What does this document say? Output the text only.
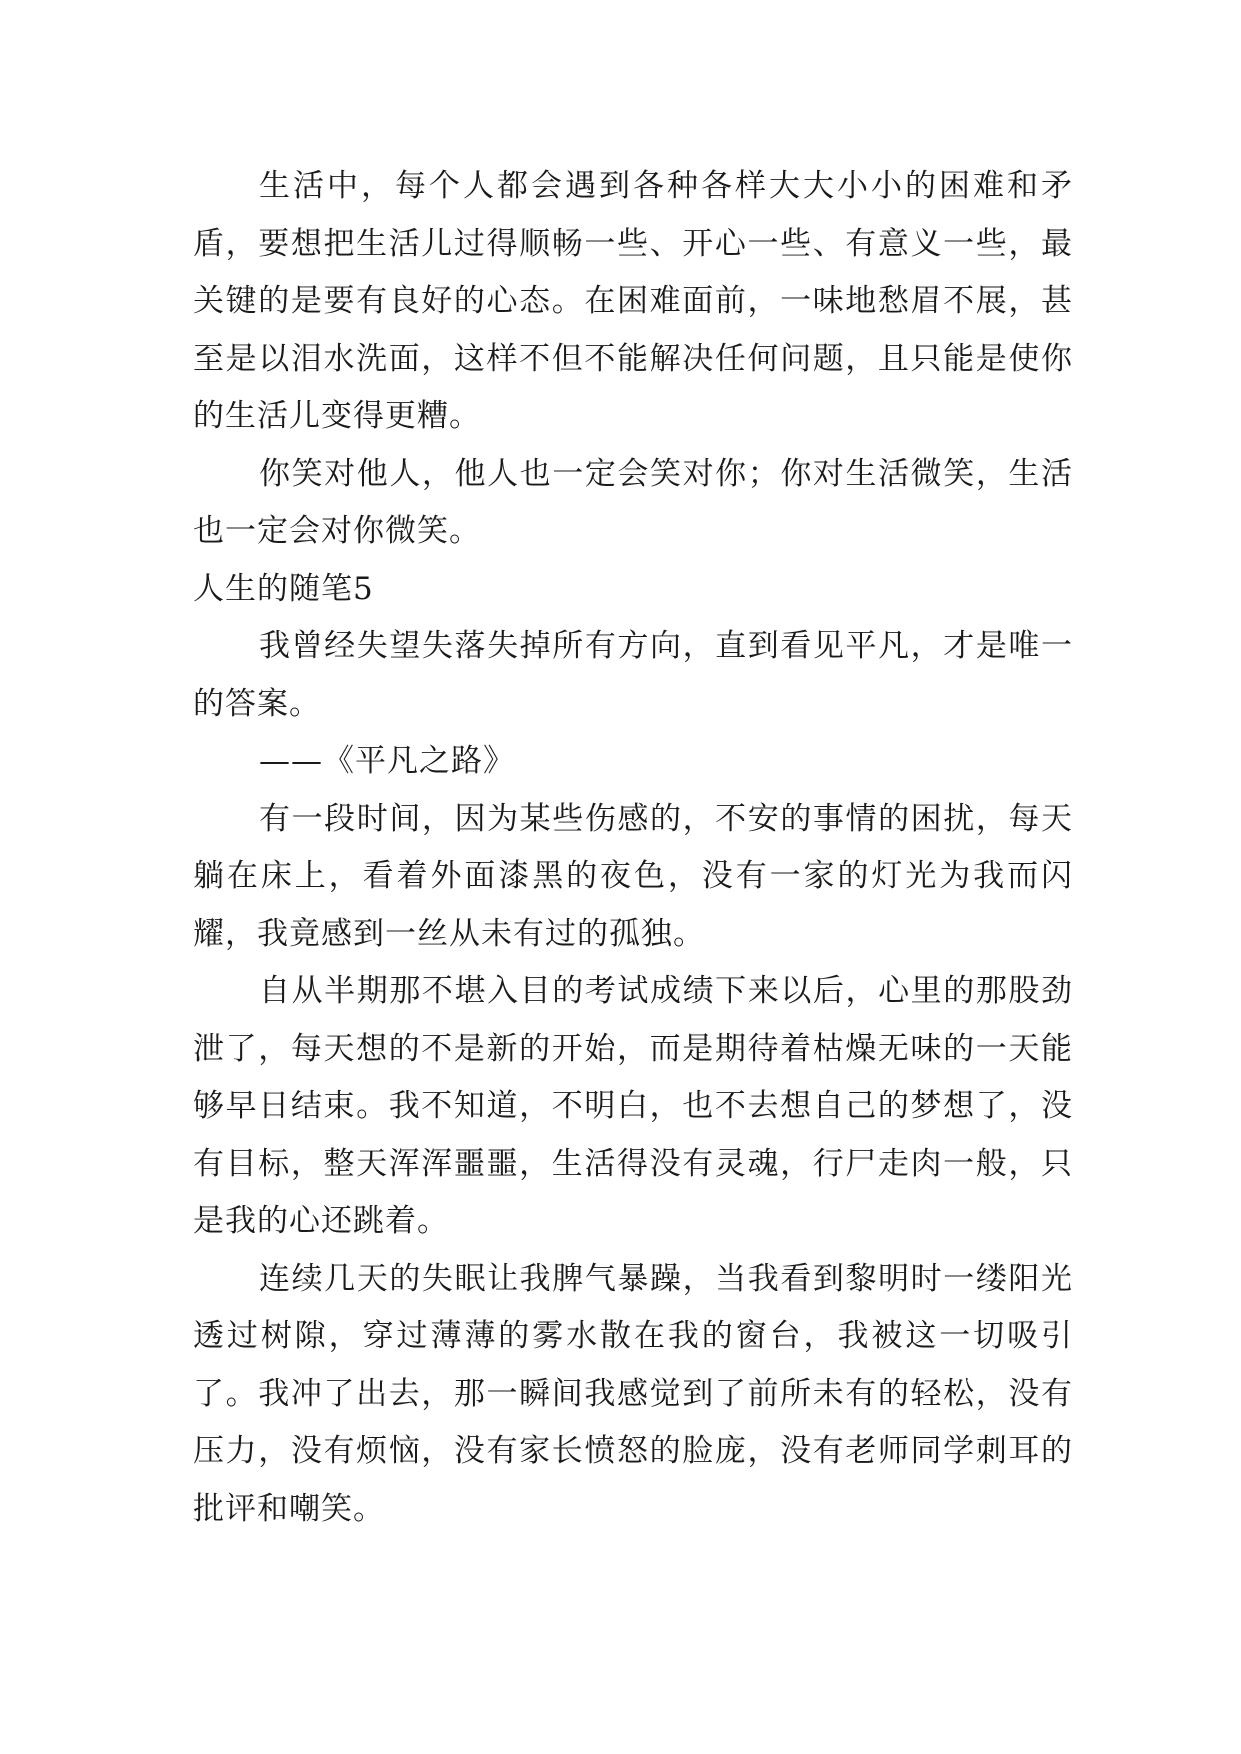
生活中，每个人都会遇到各种各样大大小小的困难和矛盾，要想把生活儿过得顺畅一些、开心一些、有意义一些，最关键的是要有良好的心态。在困难面前，一味地愁眉不展，甚至是以泪水洗面，这样不但不能解决任何问题，且只能是使你的生活儿变得更糟。

你笑对他人，他人也一定会笑对你；你对生活微笑，生活也一定会对你微笑。

人生的随笔5

我曾经失望失落失掉所有方向，直到看见平凡，才是唯一的答案。

——《平凡之路》

有一段时间，因为某些伤感的，不安的事情的困扰，每天躺在床上，看着外面漆黑的夜色，没有一家的灯光为我而闪耀，我竟感到一丝从未有过的孤独。

自从半期那不堪入目的考试成绩下来以后，心里的那股劲泄了，每天想的不是新的开始，而是期待着枯燥无味的一天能够早日结束。我不知道，不明白，也不去想自己的梦想了，没有目标，整天浑浑噩噩，生活得没有灵魂，行尸走肉一般，只是我的心还跳着。

连续几天的失眠让我脾气暴躁，当我看到黎明时一缕阳光透过树隙，穿过薄薄的雾水散在我的窗台，我被这一切吸引了。我冲了出去，那一瞬间我感觉到了前所未有的轻松，没有压力，没有烦恼，没有家长愤怒的脸庞，没有老师同学刺耳的批评和嘲笑。
